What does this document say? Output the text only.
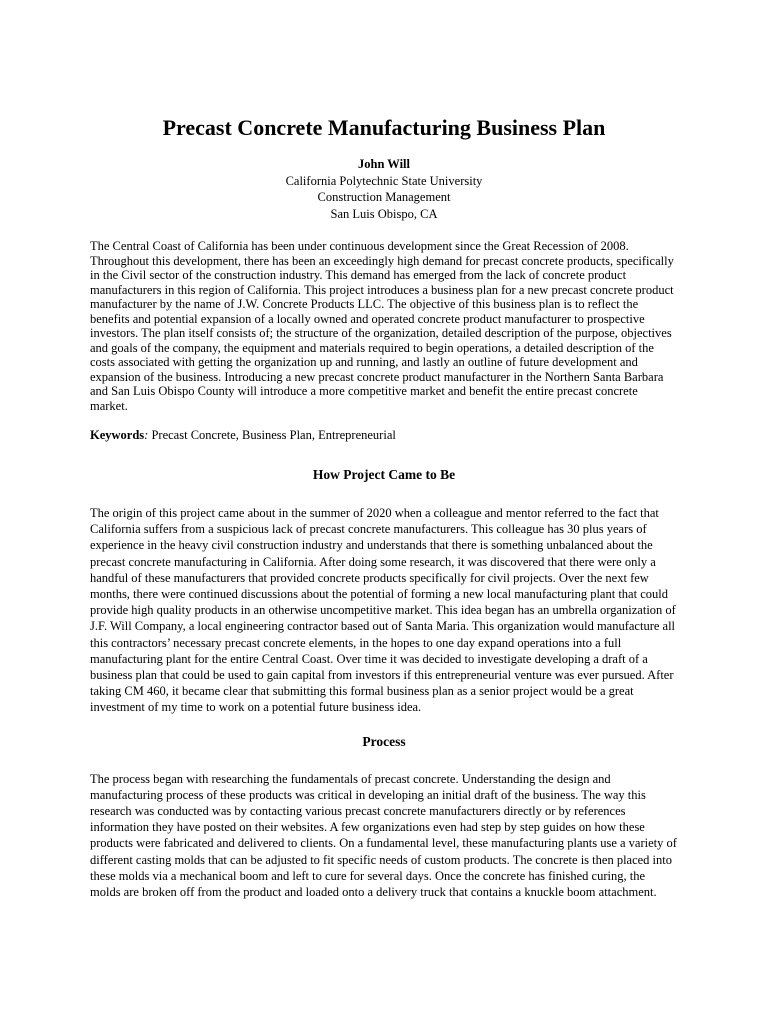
Precast Concrete Manufacturing Business Plan
John Will
California Polytechnic State University
Construction Management
San Luis Obispo, CA

The Central Coast of California has been under continuous development since the Great Recession of 2008. Throughout this development, there has been an exceedingly high demand for precast concrete products, specifically in the Civil sector of the construction industry. This demand has emerged from the lack of concrete product manufacturers in this region of California. This project introduces a business plan for a new precast concrete product manufacturer by the name of J.W. Concrete Products LLC. The objective of this business plan is to reflect the benefits and potential expansion of a locally owned and operated concrete product manufacturer to prospective investors. The plan itself consists of; the structure of the organization, detailed description of the purpose, objectives and goals of the company, the equipment and materials required to begin operations, a detailed description of the costs associated with getting the organization up and running, and lastly an outline of future development and expansion of the business. Introducing a new precast concrete product manufacturer in the Northern Santa Barbara and San Luis Obispo County will introduce a more competitive market and benefit the entire precast concrete market.

Keywords: Precast Concrete, Business Plan, Entrepreneurial
How Project Came to Be

The origin of this project came about in the summer of 2020 when a colleague and mentor referred to the fact that California suffers from a suspicious lack of precast concrete manufacturers. This colleague has 30 plus years of experience in the heavy civil construction industry and understands that there is something unbalanced about the precast concrete manufacturing in California. After doing some research, it was discovered that there were only a handful of these manufacturers that provided concrete products specifically for civil projects. Over the next few months, there were continued discussions about the potential of forming a new local manufacturing plant that could provide high quality products in an otherwise uncompetitive market. This idea began has an umbrella organization of J.F. Will Company, a local engineering contractor based out of Santa Maria. This organization would manufacture all this contractors’ necessary precast concrete elements, in the hopes to one day expand operations into a full manufacturing plant for the entire Central Coast. Over time it was decided to investigate developing a draft of a business plan that could be used to gain capital from investors if this entrepreneurial venture was ever pursued. After taking CM 460, it became clear that submitting this formal business plan as a senior project would be a great investment of my time to work on a potential future business idea.

Process

The process began with researching the fundamentals of precast concrete. Understanding the design and manufacturing process of these products was critical in developing an initial draft of the business. The way this research was conducted was by contacting various precast concrete manufacturers directly or by references information they have posted on their websites. A few organizations even had step by step guides on how these products were fabricated and delivered to clients. On a fundamental level, these manufacturing plants use a variety of different casting molds that can be adjusted to fit specific needs of custom products. The concrete is then placed into these molds via a mechanical boom and left to cure for several days. Once the concrete has finished curing, the molds are broken off from the product and loaded onto a delivery truck that contains a knuckle boom attachment.
